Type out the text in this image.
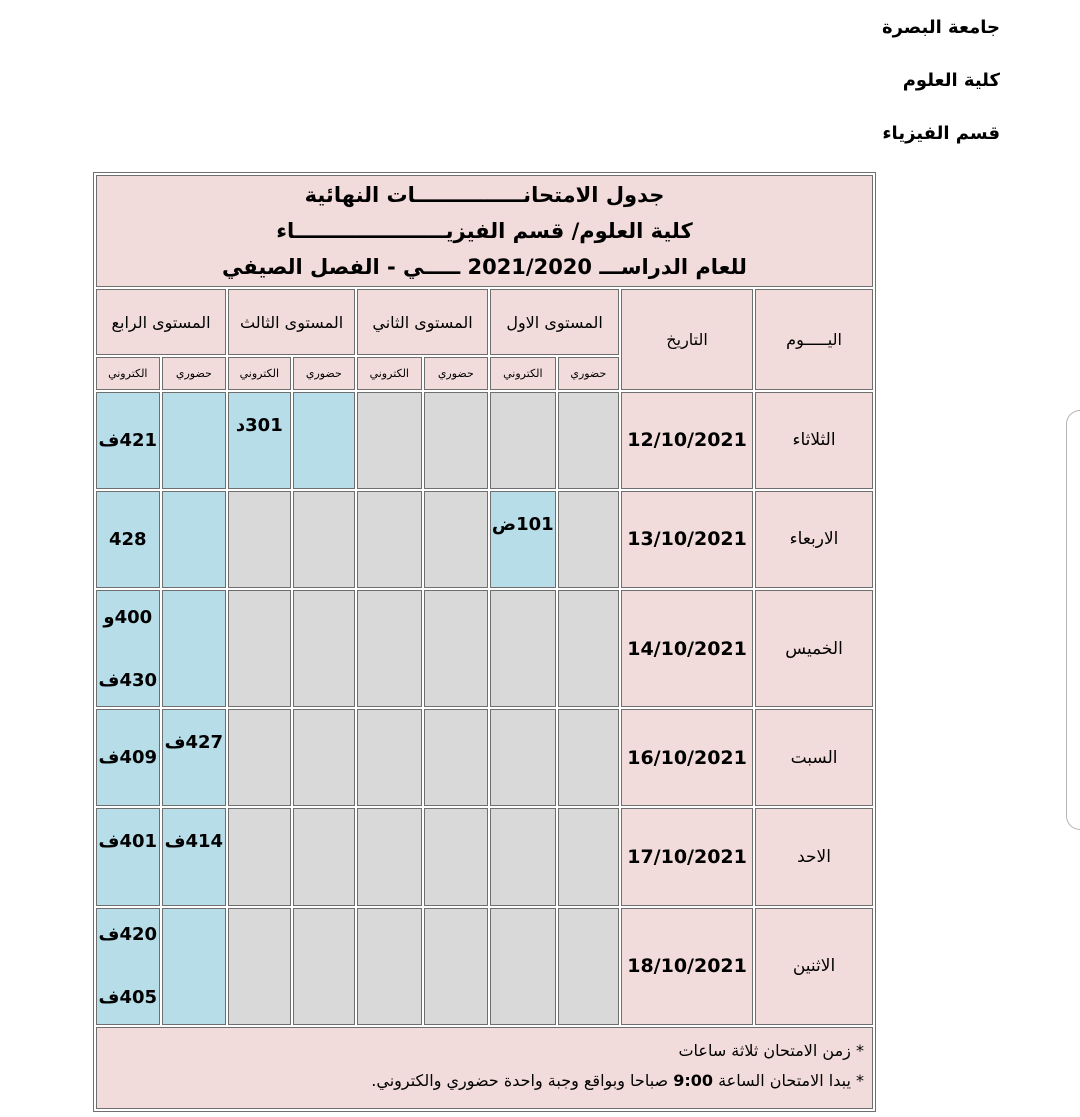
جامعة البصرة
كلية العلوم
قسم الفيزياء
جدول الامتحانـــــــــــــــات النهائية
كلية العلوم/ قسم الفيزيـــــــــــــــــــــاء
للعام الدراســـ 2021/2020 ـــــي - الفصل الصيفي									

اليـــــوم	التاريخ	المستوى الاول		المستوى الثاني		المستوى الثالث		المستوى الرابع	
		حضوري	الكتروني	حضوري	الكتروني	حضوري	الكتروني	حضوري	الكتروني
الثلاثاء	12/10/2021						301د		421ف
الاربعاء	13/10/2021		101ض						428
الخميس	14/10/2021								400و
430ف

السبت	16/10/2021							427ف	409ف
الاحد	17/10/2021							414ف	401ف
الاثنين	18/10/2021								420ف
405ف

* زمن الامتحان ثلاثة ساعات
* يبدا الامتحان الساعة 9:00 صباحا وبواقع وجبة واحدة حضوري والكتروني.									
